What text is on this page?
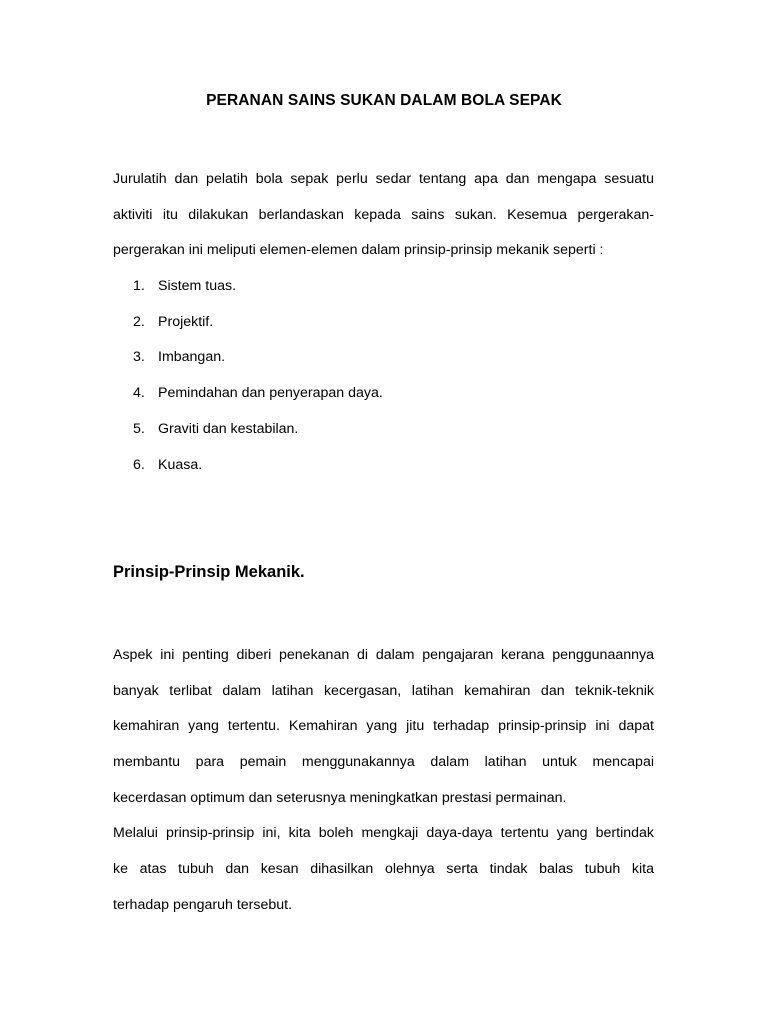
PERANAN SAINS SUKAN DALAM BOLA SEPAK
Jurulatih dan pelatih bola sepak perlu sedar tentang apa dan mengapa sesuatu
aktiviti itu dilakukan berlandaskan kepada sains sukan. Kesemua pergerakan-
pergerakan ini meliputi elemen-elemen dalam prinsip-prinsip mekanik seperti :
1. Sistem tuas.
2. Projektif.
3. Imbangan.
4. Pemindahan dan penyerapan daya.
5. Graviti dan kestabilan.
6. Kuasa.
Prinsip-Prinsip Mekanik.
Aspek ini penting diberi penekanan di dalam pengajaran kerana penggunaannya
banyak terlibat dalam latihan kecergasan, latihan kemahiran dan teknik-teknik
kemahiran yang tertentu. Kemahiran yang jitu terhadap prinsip-prinsip ini dapat
membantu para pemain menggunakannya dalam latihan untuk mencapai
kecerdasan optimum dan seterusnya meningkatkan prestasi permainan.
Melalui prinsip-prinsip ini, kita boleh mengkaji daya-daya tertentu yang bertindak
ke atas tubuh dan kesan dihasilkan olehnya serta tindak balas tubuh kita
terhadap pengaruh tersebut.
